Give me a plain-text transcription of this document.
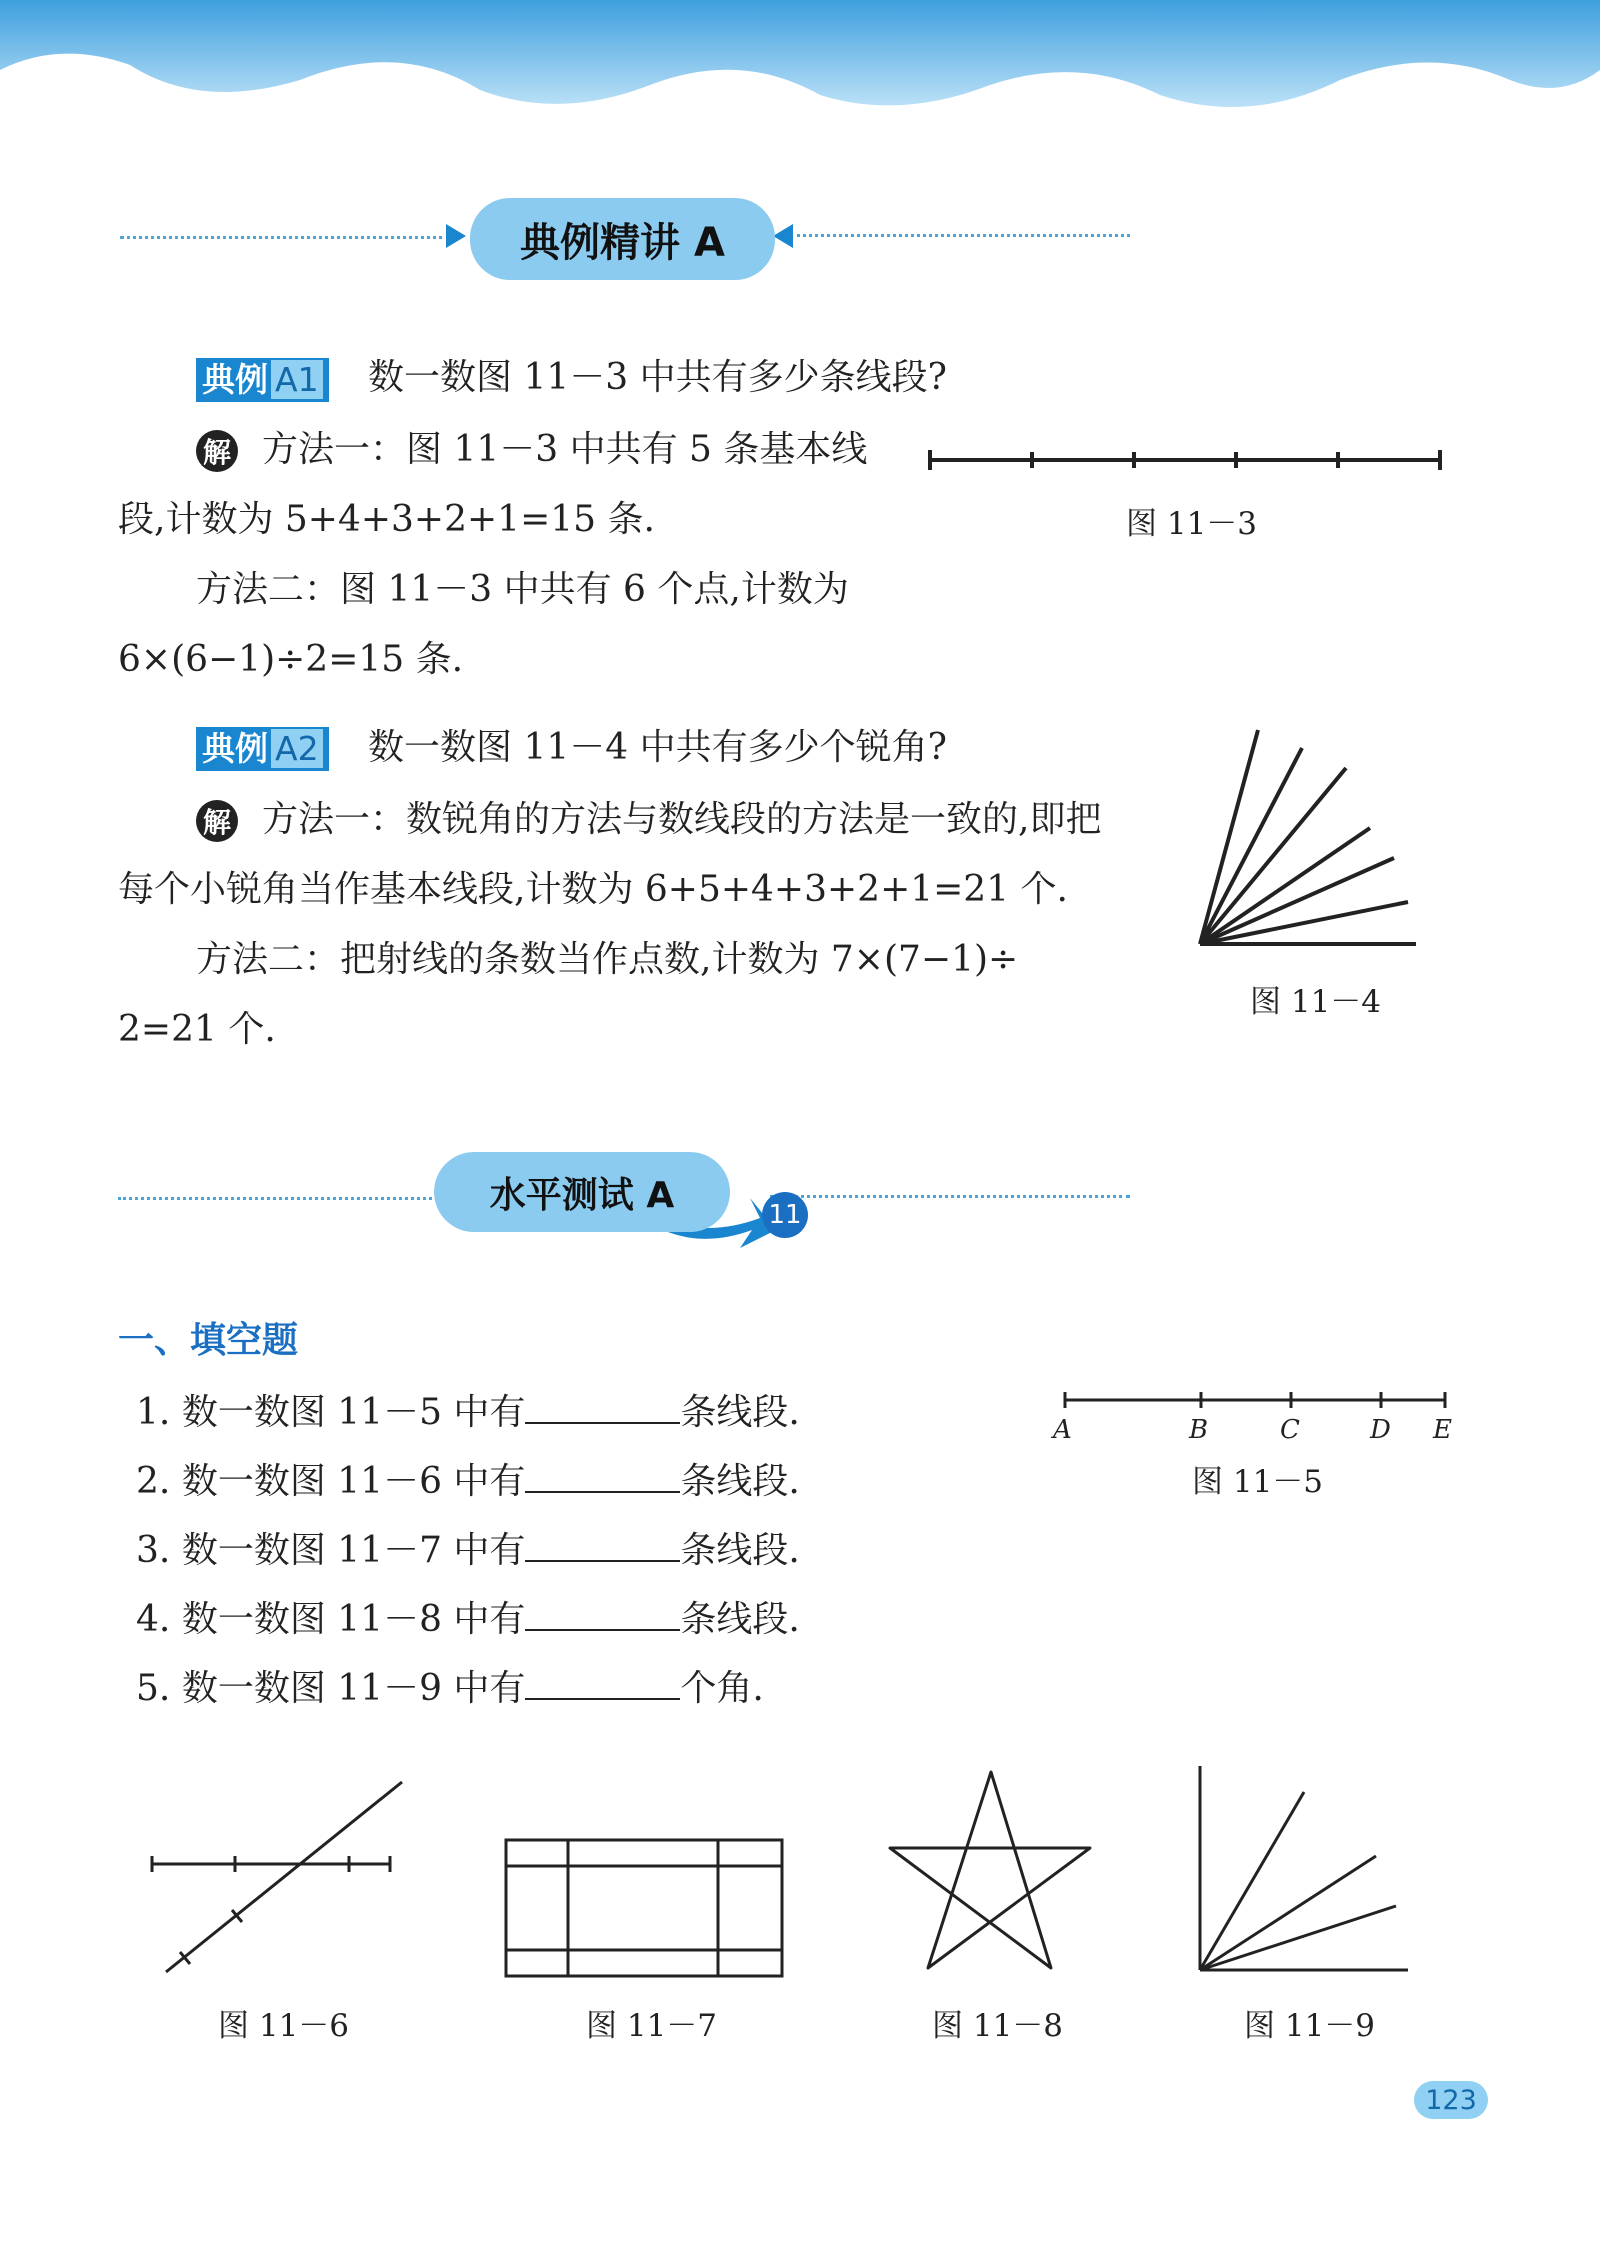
典例精讲 A
典例 A1 数一数图 11－3 中共有多少条线段?
解 方法一：图 11－3 中共有 5 条基本线
段,计数为 5+4+3+2+1=15 条.
方法二：图 11－3 中共有 6 个点,计数为
6×(6−1)÷2=15 条.
图 11－3
典例 A2 数一数图 11－4 中共有多少个锐角?
解 方法一：数锐角的方法与数线段的方法是一致的,即把
每个小锐角当作基本线段,计数为 6+5+4+3+2+1=21 个.
方法二：把射线的条数当作点数,计数为 7×(7−1)÷
2=21 个.
图 11－4
水平测试 A	11
一、填空题
1. 数一数图 11－5 中有	条线段.
2. 数一数图 11－6 中有	条线段.
3. 数一数图 11－7 中有	条线段.
4. 数一数图 11－8 中有	条线段.
5. 数一数图 11－9 中有	个角.
A	B	C	D E
图 11－5
图 11－6	图 11－7	图 11－8	图 11－9
123
